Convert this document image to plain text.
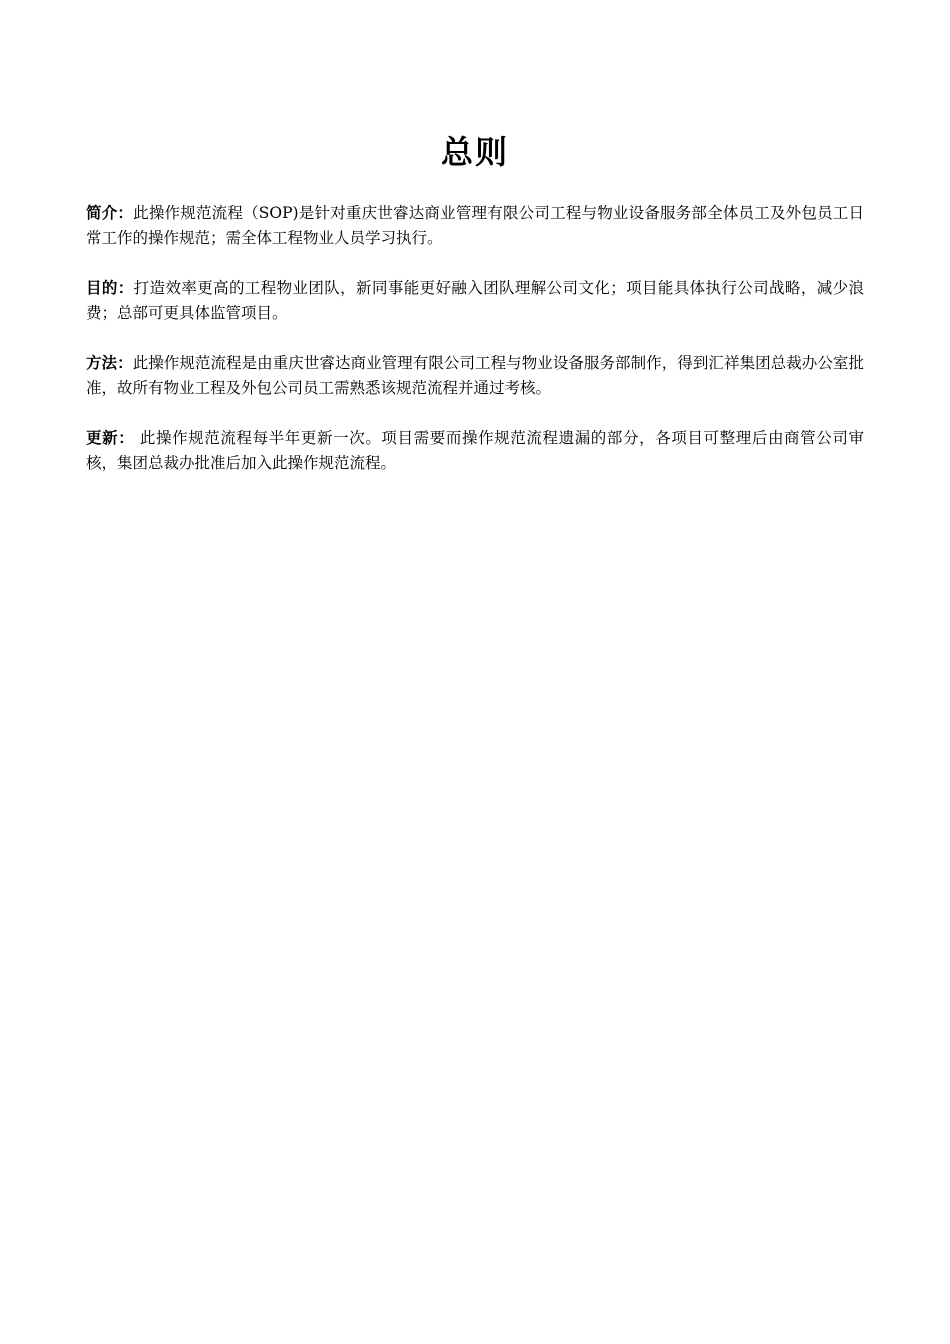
总则

简介：此操作规范流程（SOP)是针对重庆世睿达商业管理有限公司工程与物业设备服务部全体员工及外包员工日常工作的操作规范；需全体工程物业人员学习执行。

目的：打造效率更高的工程物业团队，新同事能更好融入团队理解公司文化；项目能具体执行公司战略，减少浪费；总部可更具体监管项目。

方法：此操作规范流程是由重庆世睿达商业管理有限公司工程与物业设备服务部制作，得到汇祥集团总裁办公室批准，故所有物业工程及外包公司员工需熟悉该规范流程并通过考核。

更新： 此操作规范流程每半年更新一次。项目需要而操作规范流程遗漏的部分，各项目可整理后由商管公司审核，集团总裁办批准后加入此操作规范流程。
